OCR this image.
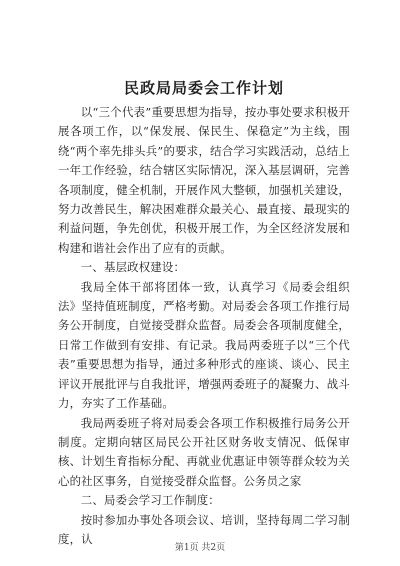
民政局局委会工作计划

以“三个代表”重要思想为指导，按办事处要求积极开展各项工作，以“保发展、保民生、保稳定”为主线，围绕“两个率先排头兵”的要求，结合学习实践活动，总结上一年工作经验，结合辖区实际情况，深入基层调研，完善各项制度，健全机制，开展作风大整顿，加强机关建设，努力改善民生，解决困难群众最关心、最直接、最现实的利益问题，争先创优，积极开展工作，为全区经济发展和构建和谐社会作出了应有的贡献。

一、基层政权建设：

我局全体干部将团体一致，认真学习《局委会组织法》坚持值班制度，严格考勤。对局委会各项工作推行局务公开制度，自觉接受群众监督。局委会各项制度健全，日常工作做到有安排、有记录。我局两委班子以“三个代表”重要思想为指导，通过多种形式的座谈、谈心、民主评议开展批评与自我批评，增强两委班子的凝聚力、战斗力，夯实了工作基础。

我局两委班子将对局委会各项工作积极推行局务公开制度。定期向辖区局民公开社区财务收支情况、低保审核、计划生育指标分配、再就业优惠证申领等群众较为关心的社区事务，自觉接受群众监督。公务员之家

二、局委会学习工作制度：

按时参加办事处各项会议、培训，坚持每周二学习制度，认

第1页 共2页
